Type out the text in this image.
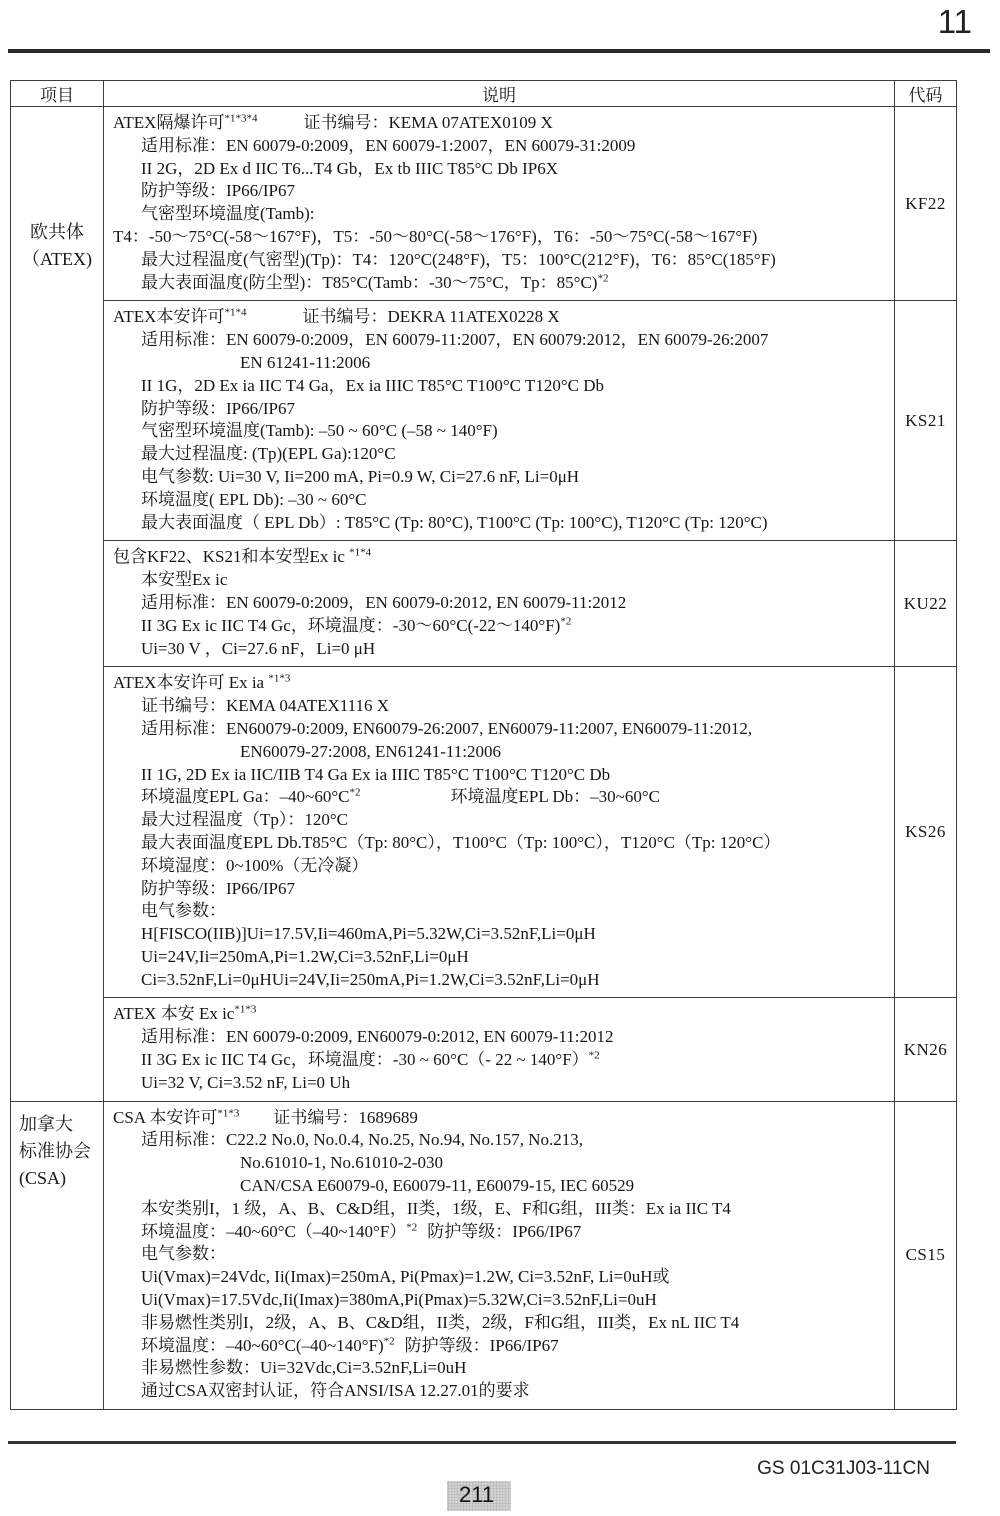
11
项目	说明	代码

欧共体
（ATEX)

ATEX隔爆许可$^{*1*3*4}$	证书编号：KEMA 07ATEX0109 X
适用标准：EN 60079-0:2009，EN 60079-1:2007，EN 60079-31:2009
II 2G，2D Ex d IIC T6...T4 Gb，Ex tb IIIC T85°C Db IP6X
防护等级：IP66/IP67
气密型环境温度(Tamb):
T4：-50～75°C(-58～167°F)，T5：-50～80°C(-58～176°F)，T6：-50～75°C(-58～167°F)
最大过程温度(气密型)(Tp)：T4：120°C(248°F)，T5：100°C(212°F)，T6：85°C(185°F)
最大表面温度(防尘型)：T85°C(Tamb：-30～75°C，Tp：85°C)$^{*2}$
	KF22

ATEX本安许可$^{*1*4}$	证书编号：DEKRA 11ATEX0228 X
适用标准：EN 60079-0:2009，EN 60079-11:2007，EN 60079:2012，EN 60079-26:2007
EN 61241-11:2006
II 1G，2D Ex ia IIC T4 Ga，Ex ia IIIC T85°C T100°C T120°C Db
防护等级：IP66/IP67
气密型环境温度(Tamb): –50 ~ 60°C (–58 ~ 140°F)
最大过程温度: (Tp)(EPL Ga):120°C
电气参数: Ui=30 V, Ii=200 mA, Pi=0.9 W, Ci=27.6 nF, Li=0μH
环境温度( EPL Db): –30 ~ 60°C
最大表面温度（ EPL Db）: T85°C (Tp: 80°C), T100°C (Tp: 100°C), T120°C (Tp: 120°C)
	KS21

	包含KF22、KS21和本安型Ex ic $^{*1*4}$
本安型Ex ic
适用标准：EN 60079-0:2009，EN 60079-0:2012, EN 60079-11:2012
II 3G Ex ic IIC T4 Gc，环境温度：-30～60°C(-22～140°F)$^{*2}$
Ui=30 V ，Ci=27.6 nF，Li=0 μH	KU22

ATEX本安许可 Ex ia $^{*1*3}$
证书编号：KEMA 04ATEX1116 X
适用标准：EN60079-0:2009, EN60079-26:2007, EN60079-11:2007, EN60079-11:2012,
EN60079-27:2008, EN61241-11:2006
II 1G, 2D Ex ia IIC/IIB T4 Ga Ex ia IIIC T85°C T100°C T120°C Db
环境温度EPL Ga：$-40\sim 60^\circ C^{*2}$	环境温度EPL Db：–30~60°C
最大过程温度（Tp）：120°C
最大表面温度EPL Db.T85°C（Tp: 80°C），T100°C（Tp: 100°C），T120°C（Tp: 120°C）
环境湿度：0~100%（无冷凝）
防护等级：IP66/IP67
电气参数：
H[FISCO(IIB)]Ui=17.5V,Ii=460mA,Pi=5.32W,Ci=3.52nF,Li=0μH
Ui=24V,Ii=250mA,Pi=1.2W,Ci=3.52nF,Li=0μH
Ci=3.52nF,Li=0μHUi=24V,Ii=250mA,Pi=1.2W,Ci=3.52nF,Li=0μH
	KS26

	ATEX 本安 Ex $ic^{*1*3}$
适用标准：EN 60079-0:2009, EN60079-0:2012, EN 60079-11:2012
II 3G Ex ic IIC T4 Gc，环境温度：-30 ~ 60°C（- 22 ~ 140°F）$^{*2}$
Ui=32 V, Ci=3.52 nF, Li=0 Uh	KN26

加拿大
标准协会
(CSA)

CSA 本安许可$^{*1*3}$ 证书编号：1689689
适用标准：C22.2 No.0, No.0.4, No.25, No.94, No.157, No.213,
No.61010-1, No.61010-2-030
CAN/CSA E60079-0, E60079-11, E60079-15, IEC 60529
本安类别I，1 级，A、B、C&D组，II类，1级，E、F和G组，III类：Ex ia IIC T4
环境温度：–40~60°C（–40~140°F）$^{*2}$ 防护等级：IP66/IP67
电气参数：
Ui(Vmax)=24Vdc, Ii(Imax)=250mA, Pi(Pmax)=1.2W, Ci=3.52nF, Li=0uH或
Ui(Vmax)=17.5Vdc,Ii(Imax)=380mA,Pi(Pmax)=5.32W,Ci=3.52nF,Li=0uH
非易燃性类别I，2级，A、B、C&D组，II类，2级，F和G组，III类，Ex nL IIC T4
环境温度：–40~60°C(–40~140°F)$^{*2}$ 防护等级：IP66/IP67
非易燃性参数：Ui=32Vdc,Ci=3.52nF,Li=0uH
通过CSA双密封认证，符合ANSI/ISA 12.27.01的要求
	CS15
GS 01C31J03-11CN
211
